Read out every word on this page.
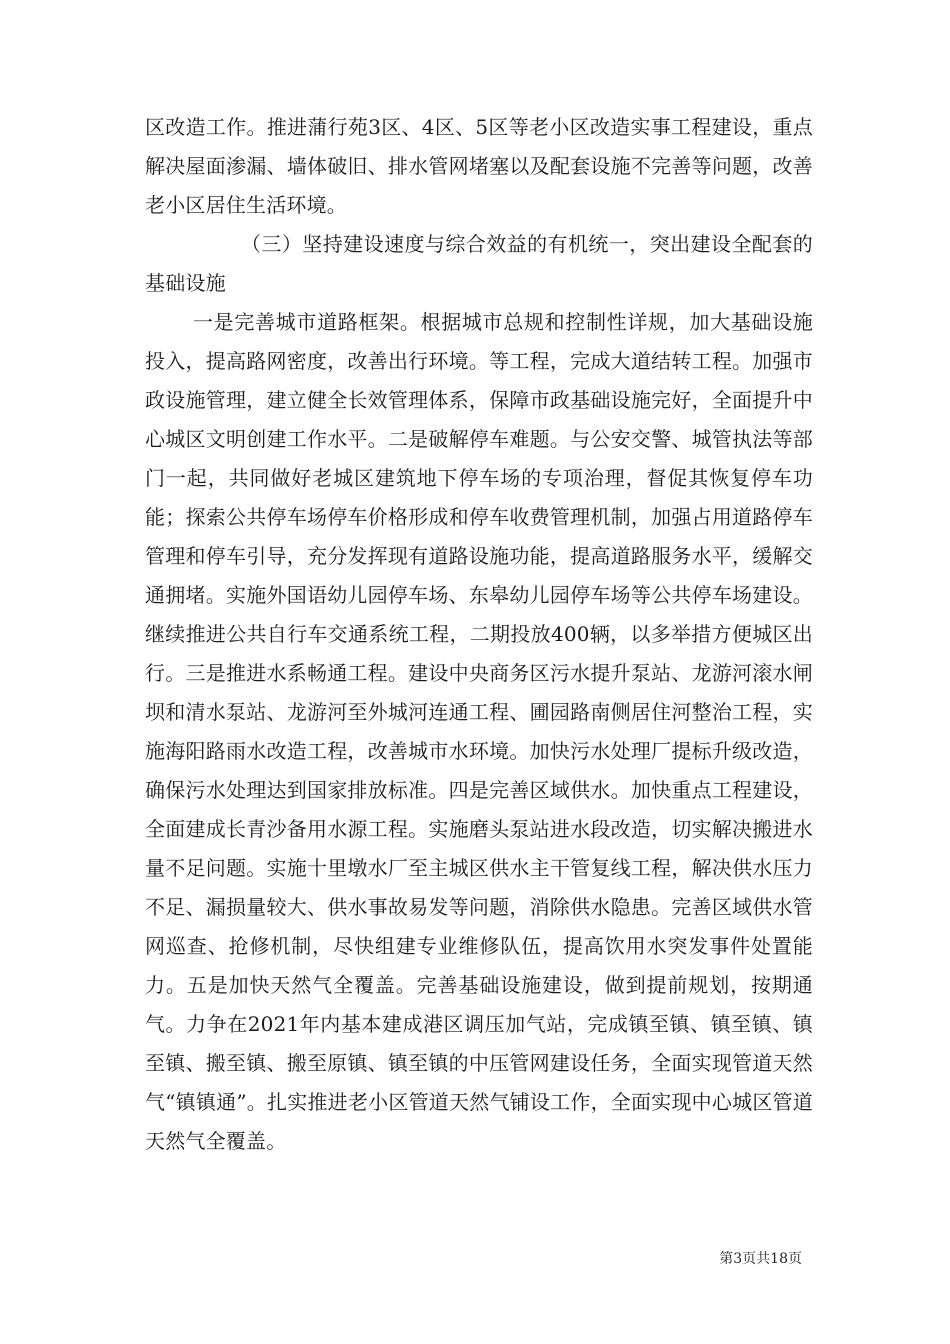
区改造工作。推进蒲行苑3区、4区、5区等老小区改造实事工程建设，重点解决屋面渗漏、墙体破旧、排水管网堵塞以及配套设施不完善等问题，改善老小区居住生活环境。

（三）坚持建设速度与综合效益的有机统一，突出建设全配套的基础设施

一是完善城市道路框架。根据城市总规和控制性详规，加大基础设施投入，提高路网密度，改善出行环境。等工程，完成大道结转工程。加强市政设施管理，建立健全长效管理体系，保障市政基础设施完好，全面提升中心城区文明创建工作水平。二是破解停车难题。与公安交警、城管执法等部门一起，共同做好老城区建筑地下停车场的专项治理，督促其恢复停车功能；探索公共停车场停车价格形成和停车收费管理机制，加强占用道路停车管理和停车引导，充分发挥现有道路设施功能，提高道路服务水平，缓解交通拥堵。实施外国语幼儿园停车场、东皋幼儿园停车场等公共停车场建设。继续推进公共自行车交通系统工程，二期投放400辆，以多举措方便城区出行。三是推进水系畅通工程。建设中央商务区污水提升泵站、龙游河滚水闸坝和清水泵站、龙游河至外城河连通工程、圃园路南侧居住河整治工程，实施海阳路雨水改造工程，改善城市水环境。加快污水处理厂提标升级改造，确保污水处理达到国家排放标准。四是完善区域供水。加快重点工程建设，全面建成长青沙备用水源工程。实施磨头泵站进水段改造，切实解决搬进水量不足问题。实施十里墩水厂至主城区供水主干管复线工程，解决供水压力不足、漏损量较大、供水事故易发等问题，消除供水隐患。完善区域供水管网巡查、抢修机制，尽快组建专业维修队伍，提高饮用水突发事件处置能力。五是加快天然气全覆盖。完善基础设施建设，做到提前规划，按期通气。力争在2021年内基本建成港区调压加气站，完成镇至镇、镇至镇、镇至镇、搬至镇、搬至原镇、镇至镇的中压管网建设任务，全面实现管道天然气“镇镇通”。扎实推进老小区管道天然气铺设工作，全面实现中心城区管道天然气全覆盖。

第3页共18页
